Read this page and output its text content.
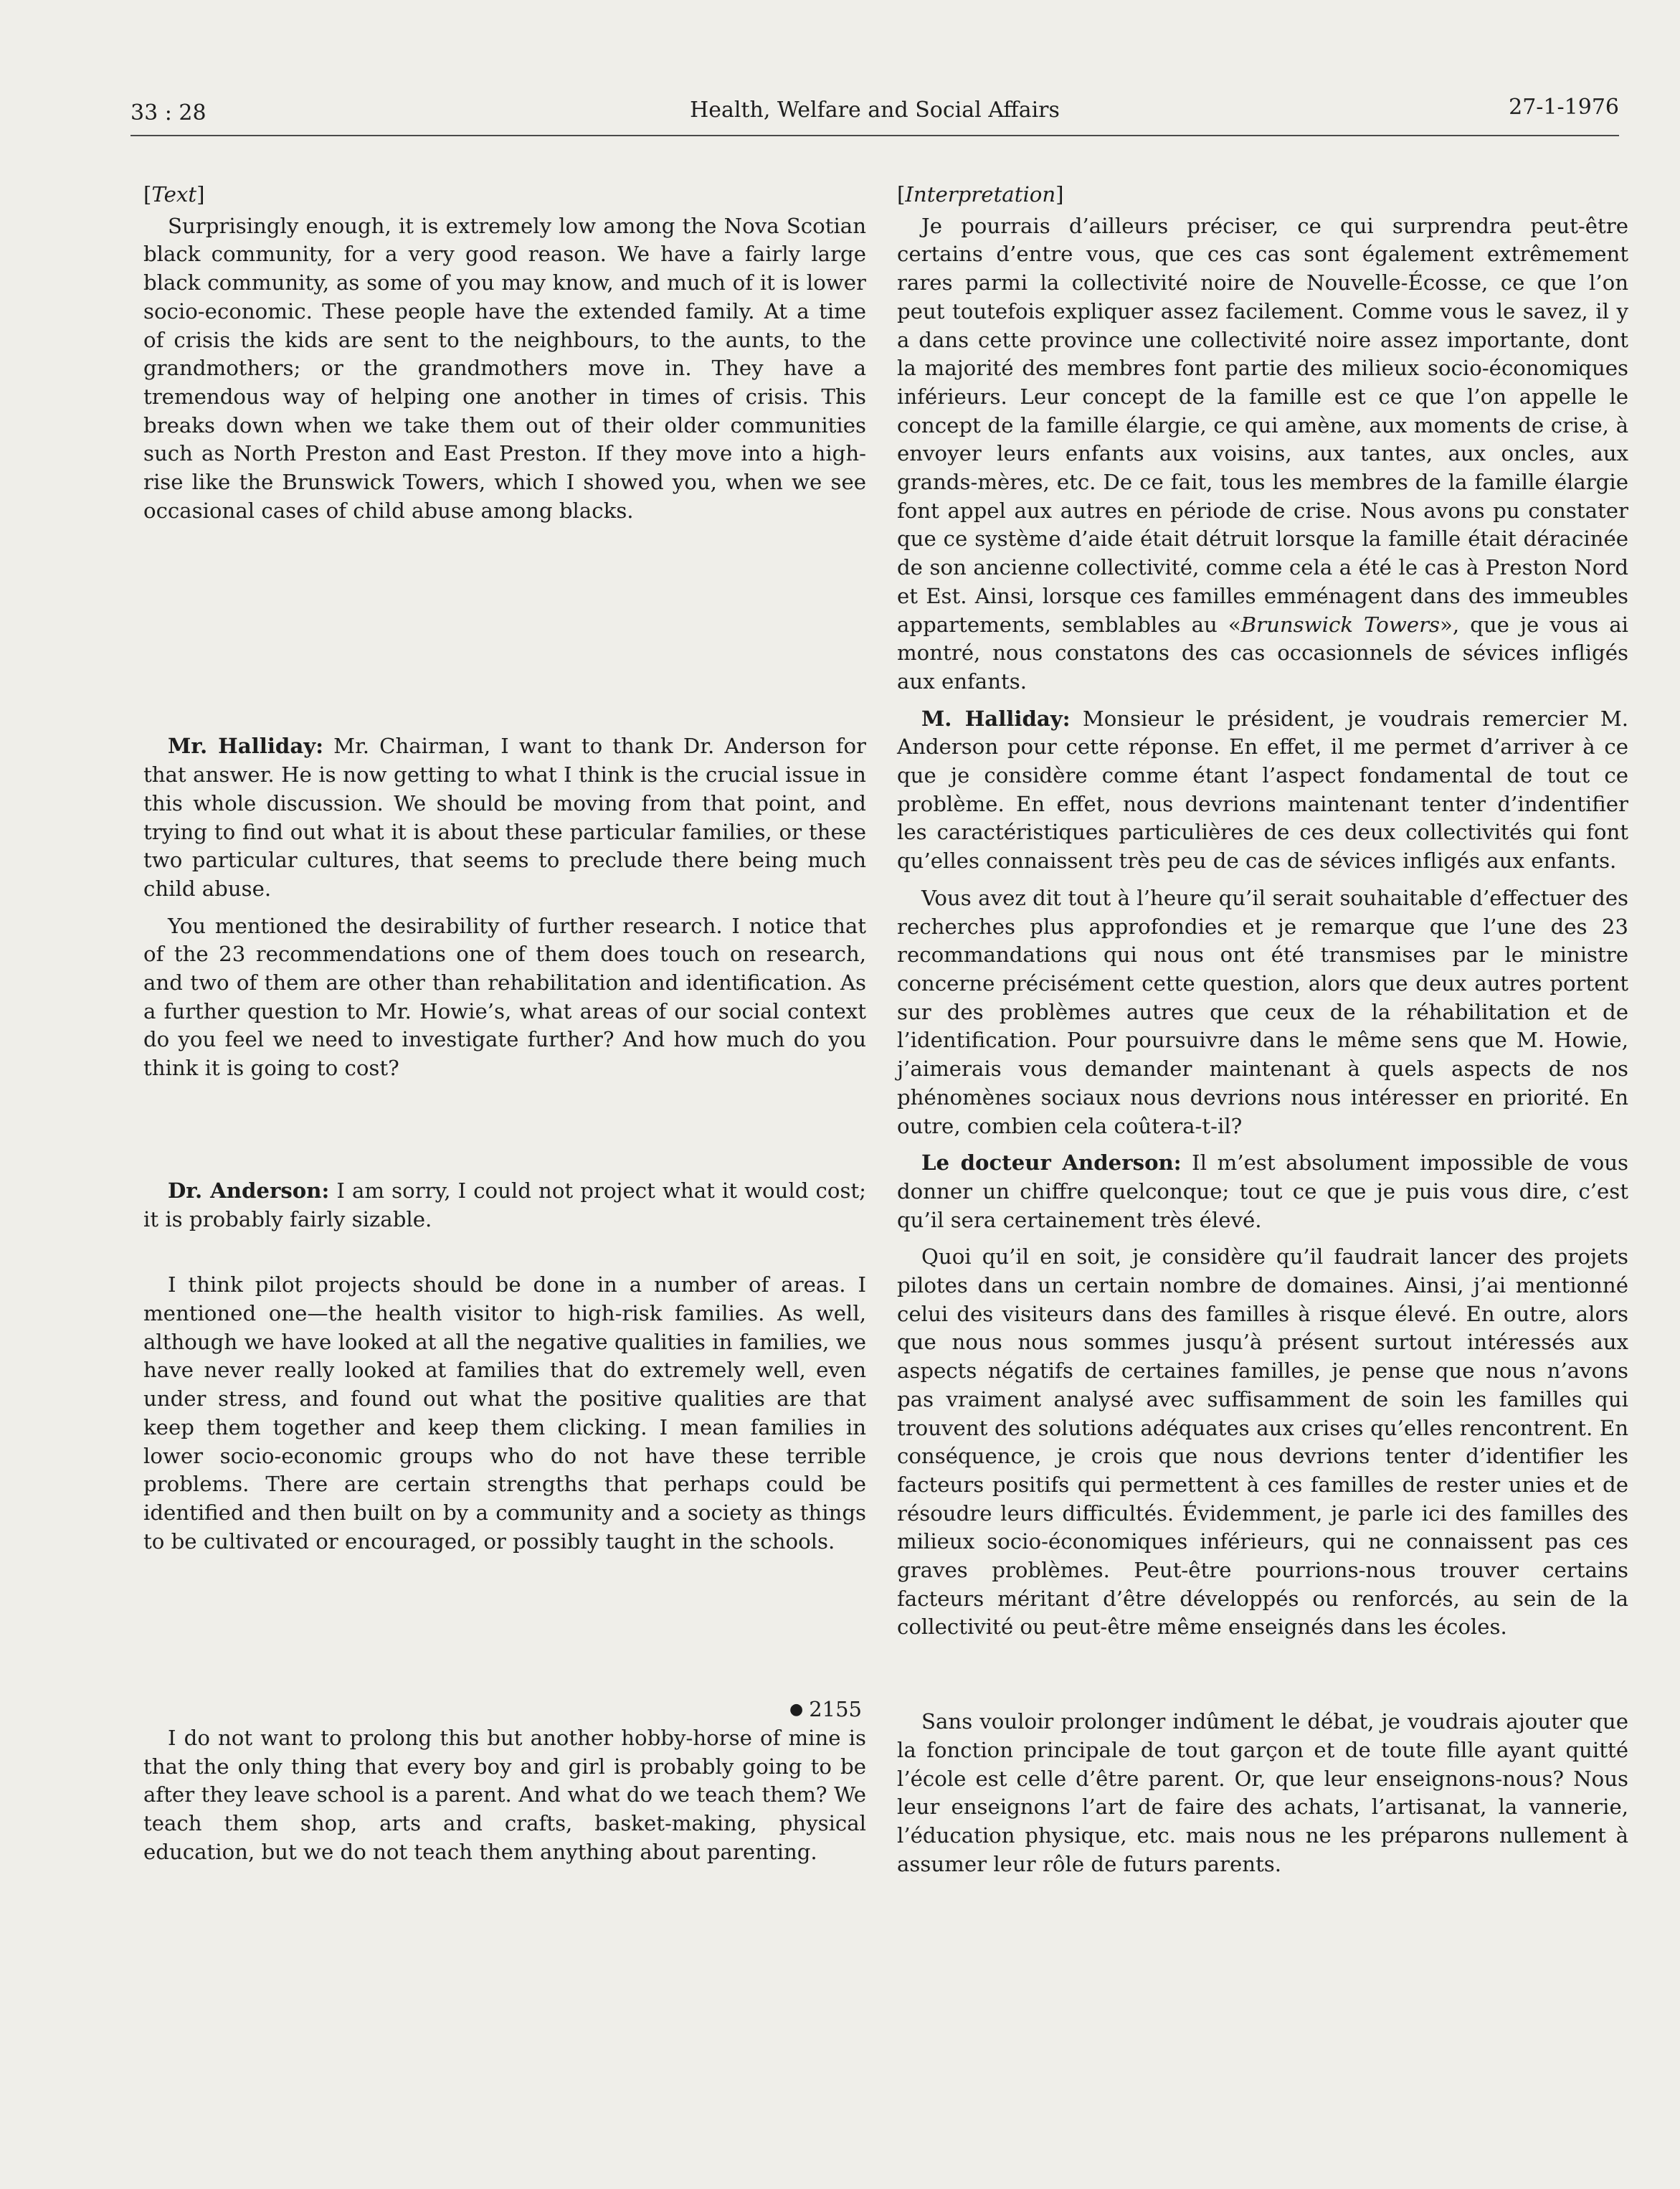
33 : 28	Health, Welfare and Social Affairs	27-1-1976

[Text]

Surprisingly enough, it is extremely low among the Nova Scotian black community, for a very good reason. We have a fairly large black community, as some of you may know, and much of it is lower socio-economic. These people have the extended family. At a time of crisis the kids are sent to the neighbours, to the aunts, to the grandmothers; or the grandmothers move in. They have a tremendous way of helping one another in times of crisis. This breaks down when we take them out of their older communities such as North Preston and East Preston. If they move into a high-rise like the Brunswick Towers, which I showed you, when we see occasional cases of child abuse among blacks.

Mr. Halliday: Mr. Chairman, I want to thank Dr. Anderson for that answer. He is now getting to what I think is the crucial issue in this whole discussion. We should be moving from that point, and trying to find out what it is about these particular families, or these two particular cultures, that seems to preclude there being much child abuse.

You mentioned the desirability of further research. I notice that of the 23 recommendations one of them does touch on research, and two of them are other than rehabilitation and identification. As a further question to Mr. Howie’s, what areas of our social context do you feel we need to investigate further? And how much do you think it is going to cost?

Dr. Anderson: I am sorry, I could not project what it would cost; it is probably fairly sizable.

I think pilot projects should be done in a number of areas. I mentioned one—the health visitor to high-risk families. As well, although we have looked at all the negative qualities in families, we have never really looked at families that do extremely well, even under stress, and found out what the positive qualities are that keep them together and keep them clicking. I mean families in lower socio-economic groups who do not have these terrible problems. There are certain strengths that perhaps could be identified and then built on by a community and a society as things to be cultivated or encouraged, or possibly taught in the schools.

● 2155

I do not want to prolong this but another hobby-horse of mine is that the only thing that every boy and girl is probably going to be after they leave school is a parent. And what do we teach them? We teach them shop, arts and crafts, basket-making, physical education, but we do not teach them anything about parenting.

[Interpretation]

Je pourrais d’ailleurs préciser, ce qui surprendra peut-être certains d’entre vous, que ces cas sont également extrêmement rares parmi la collectivité noire de Nouvelle-Écosse, ce que l’on peut toutefois expliquer assez facilement. Comme vous le savez, il y a dans cette province une collectivité noire assez importante, dont la majorité des membres font partie des milieux socio-économiques inférieurs. Leur concept de la famille est ce que l’on appelle le concept de la famille élargie, ce qui amène, aux moments de crise, à envoyer leurs enfants aux voisins, aux tantes, aux oncles, aux grands-mères, etc. De ce fait, tous les membres de la famille élargie font appel aux autres en période de crise. Nous avons pu constater que ce système d’aide était détruit lorsque la famille était déracinée de son ancienne collectivité, comme cela a été le cas à Preston Nord et Est. Ainsi, lorsque ces familles emménagent dans des immeubles appartements, semblables au «Brunswick Towers», que je vous ai montré, nous constatons des cas occasionnels de sévices infligés aux enfants.

M. Halliday: Monsieur le président, je voudrais remercier M. Anderson pour cette réponse. En effet, il me permet d’arriver à ce que je considère comme étant l’aspect fondamental de tout ce problème. En effet, nous devrions maintenant tenter d’indentifier les caractéristiques particulières de ces deux collectivités qui font qu’elles connaissent très peu de cas de sévices infligés aux enfants.

Vous avez dit tout à l’heure qu’il serait souhaitable d’effectuer des recherches plus approfondies et je remarque que l’une des 23 recommandations qui nous ont été transmises par le ministre concerne précisément cette question, alors que deux autres portent sur des problèmes autres que ceux de la réhabilitation et de l’identification. Pour poursuivre dans le même sens que M. Howie, j’aimerais vous demander maintenant à quels aspects de nos phénomènes sociaux nous devrions nous intéresser en priorité. En outre, combien cela coûtera-t-il?

Le docteur Anderson: Il m’est absolument impossible de vous donner un chiffre quelconque; tout ce que je puis vous dire, c’est qu’il sera certainement très élevé.

Quoi qu’il en soit, je considère qu’il faudrait lancer des projets pilotes dans un certain nombre de domaines. Ainsi, j’ai mentionné celui des visiteurs dans des familles à risque élevé. En outre, alors que nous nous sommes jusqu’à présent surtout intéressés aux aspects négatifs de certaines familles, je pense que nous n’avons pas vraiment analysé avec suffisamment de soin les familles qui trouvent des solutions adéquates aux crises qu’elles rencontrent. En conséquence, je crois que nous devrions tenter d’identifier les facteurs positifs qui permettent à ces familles de rester unies et de résoudre leurs difficultés. Évidemment, je parle ici des familles des milieux socio-économiques inférieurs, qui ne connaissent pas ces graves problèmes. Peut-être pourrions-nous trouver certains facteurs méritant d’être développés ou renforcés, au sein de la collectivité ou peut-être même enseignés dans les écoles.

Sans vouloir prolonger indûment le débat, je voudrais ajouter que la fonction principale de tout garçon et de toute fille ayant quitté l’école est celle d’être parent. Or, que leur enseignons-nous? Nous leur enseignons l’art de faire des achats, l’artisanat, la vannerie, l’éducation physique, etc. mais nous ne les préparons nullement à assumer leur rôle de futurs parents.
